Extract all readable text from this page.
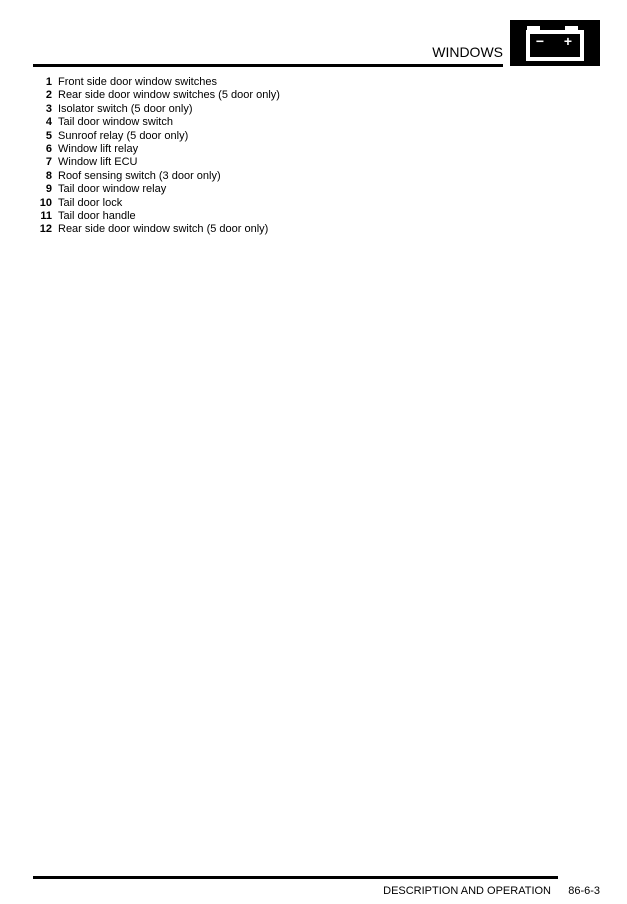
WINDOWS
− +
1 Front side door window switches
2 Rear side door window switches (5 door only)
3 Isolator switch (5 door only)
4 Tail door window switch
5 Sunroof relay (5 door only)
6 Window lift relay
7 Window lift ECU
8 Roof sensing switch (3 door only)
9 Tail door window relay
10 Tail door lock
11 Tail door handle
12 Rear side door window switch (5 door only)
DESCRIPTION AND OPERATION	86-6-3
